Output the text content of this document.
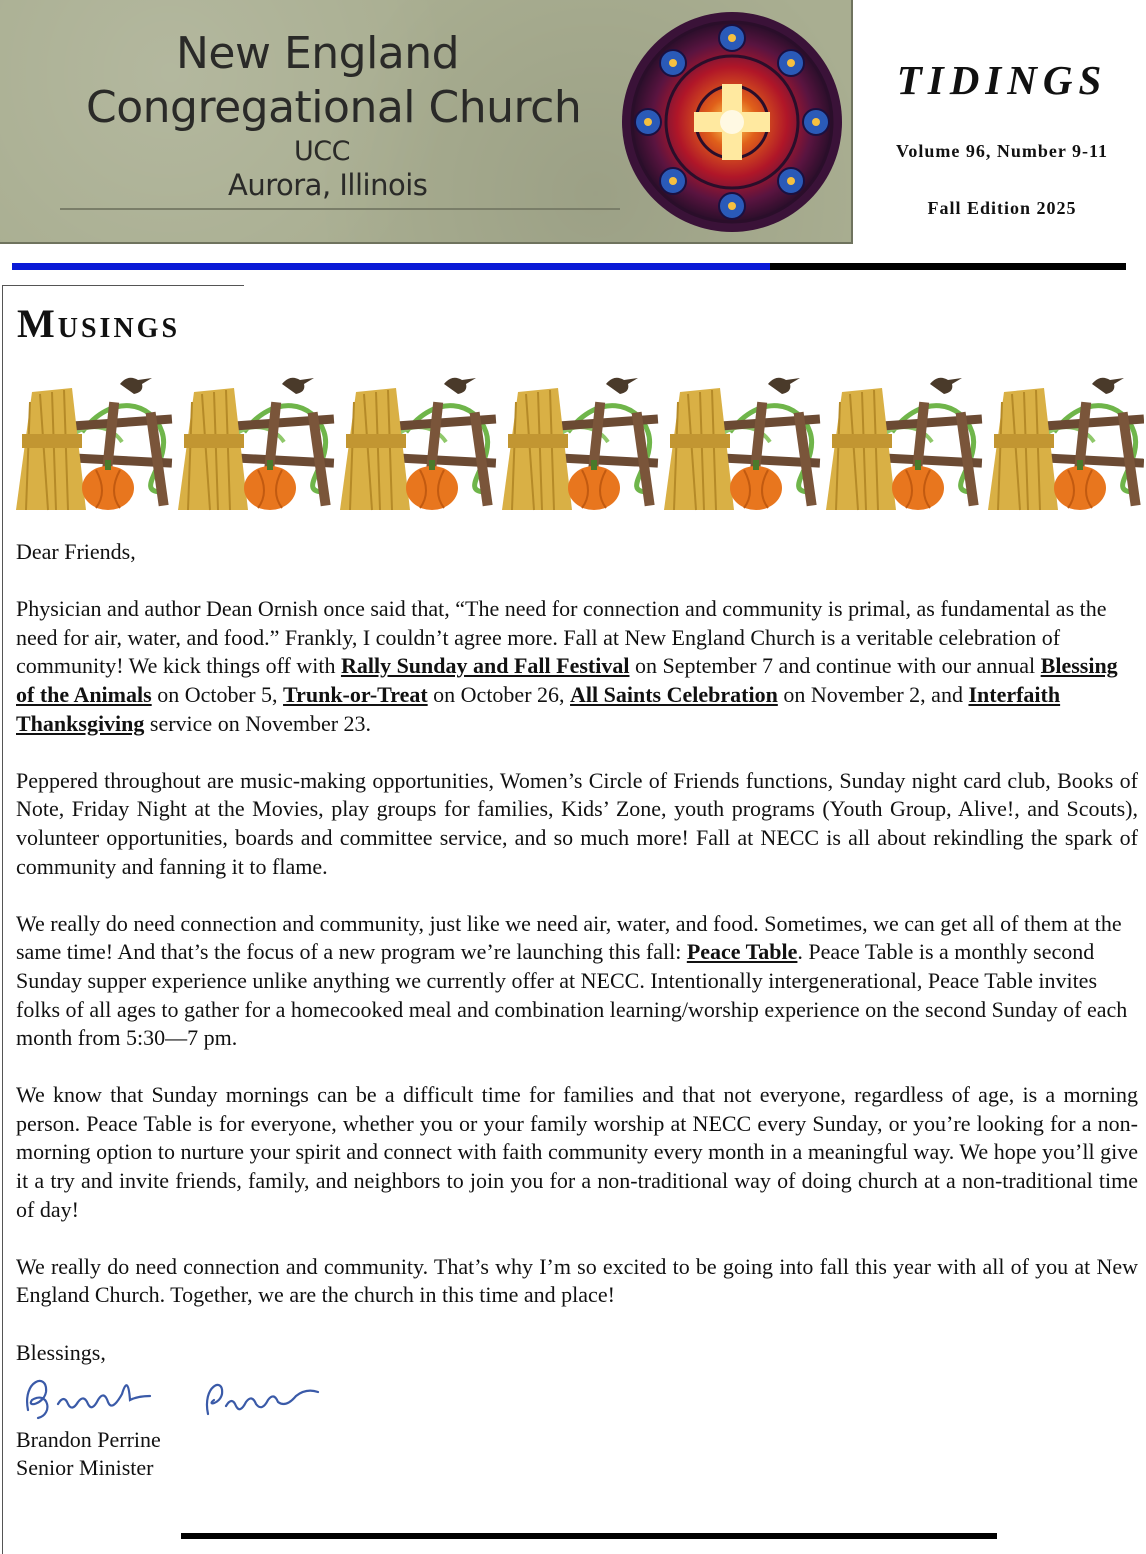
New England
Congregational Church
UCC
Aurora, Illinois
TIDINGS
Volume 96, Number 9-11
Fall Edition 2025
Musings

Dear Friends,

Physician and author Dean Ornish once said that, “The need for connection and community is primal, as fundamental as the need for air, water, and food.” Frankly, I couldn’t agree more. Fall at New England Church is a veritable celebration of community! We kick things off with Rally Sunday and Fall Festival on September 7 and continue with our annual Blessing of the Animals on October 5, Trunk-or-Treat on October 26, All Saints Celebration on November 2, and Interfaith Thanksgiving service on November 23.

Peppered throughout are music-making opportunities, Women’s Circle of Friends functions, Sunday night card club, Books of Note, Friday Night at the Movies, play groups for families, Kids’ Zone, youth programs (Youth Group, Alive!, and Scouts), volunteer opportunities, boards and committee service, and so much more! Fall at NECC is all about rekindling the spark of community and fanning it to flame.

We really do need connection and community, just like we need air, water, and food. Sometimes, we can get all of them at the same time! And that’s the focus of a new program we’re launching this fall: Peace Table. Peace Table is a monthly second Sunday supper experience unlike anything we currently offer at NECC. Intentionally intergenerational, Peace Table invites folks of all ages to gather for a homecooked meal and combination learning/worship experience on the second Sunday of each month from 5:30—7 pm.

We know that Sunday mornings can be a difficult time for families and that not everyone, regardless of age, is a morning person. Peace Table is for everyone, whether you or your family worship at NECC every Sunday, or you’re looking for a non-morning option to nurture your spirit and connect with faith community every month in a meaningful way. We hope you’ll give it a try and invite friends, family, and neighbors to join you for a non-traditional way of doing church at a non-traditional time of day!

We really do need connection and community. That’s why I’m so excited to be going into fall this year with all of you at New England Church. Together, we are the church in this time and place!

Blessings,

Brandon Perrine
Senior Minister
